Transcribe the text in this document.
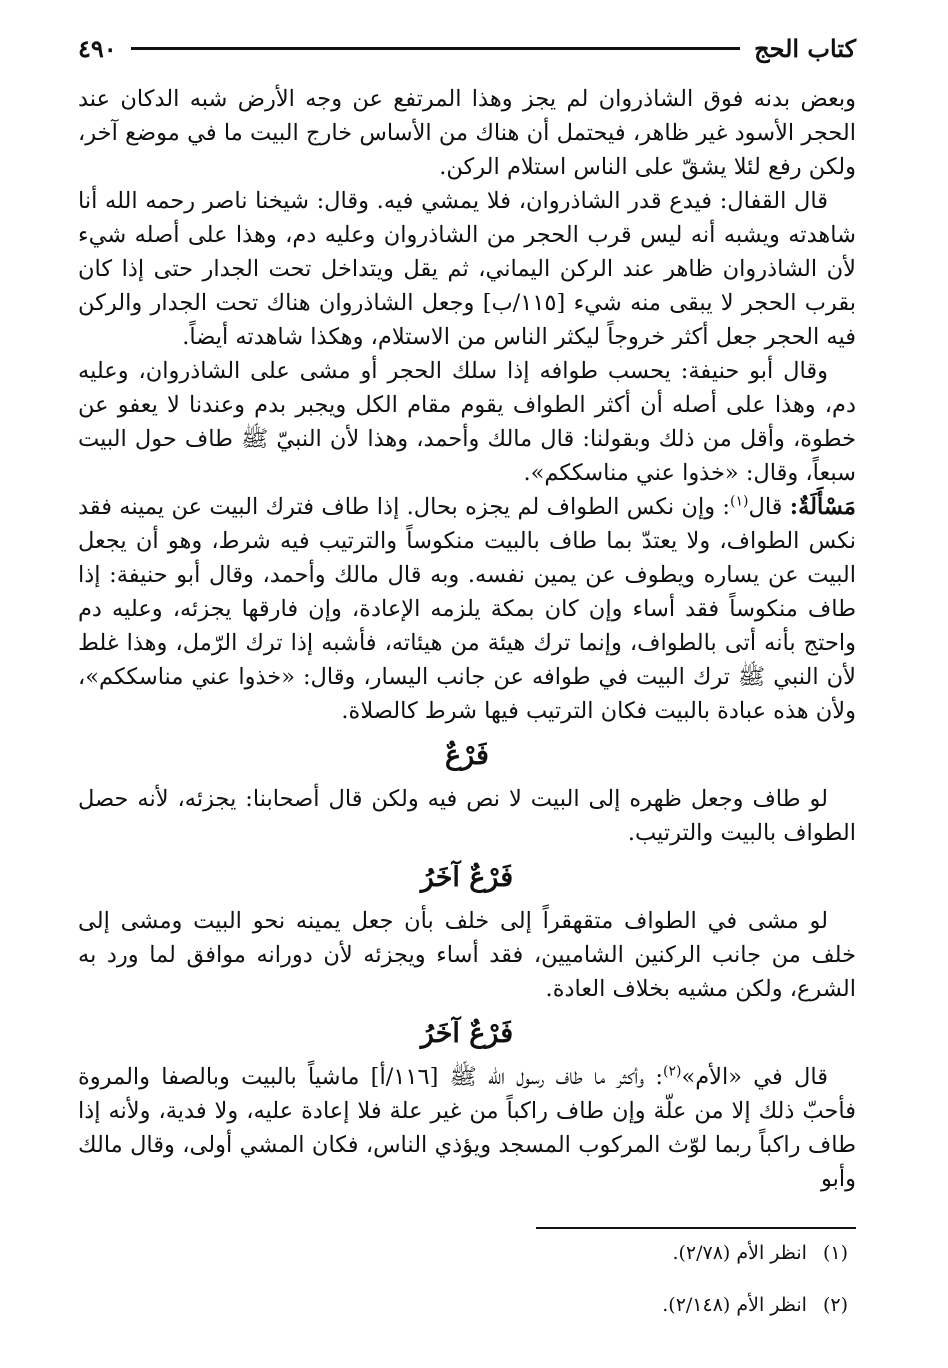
كتاب الحج
٤٩٠

وبعض بدنه فوق الشاذروان لم يجز وهذا المرتفع عن وجه الأرض شبه الدكان عند الحجر الأسود غير ظاهر، فيحتمل أن هناك من الأساس خارج البيت ما في موضع آخر، ولكن رفع لئلا يشقّ على الناس استلام الركن.

قال القفال: فيدع قدر الشاذروان، فلا يمشي فيه. وقال: شيخنا ناصر رحمه الله أنا شاهدته ويشبه أنه ليس قرب الحجر من الشاذروان وعليه دم، وهذا على أصله شيء لأن الشاذروان ظاهر عند الركن اليماني، ثم يقل ويتداخل تحت الجدار حتى إذا كان بقرب الحجر لا يبقى منه شيء [١١٥/ب] وجعل الشاذروان هناك تحت الجدار والركن فيه الحجر جعل أكثر خروجاً ليكثر الناس من الاستلام، وهكذا شاهدته أيضاً.

وقال أبو حنيفة: يحسب طوافه إذا سلك الحجر أو مشى على الشاذروان، وعليه دم، وهذا على أصله أن أكثر الطواف يقوم مقام الكل ويجبر بدم وعندنا لا يعفو عن خطوة، وأقل من ذلك وبقولنا: قال مالك وأحمد، وهذا لأن النبيّ ﷺ طاف حول البيت سبعاً، وقال: «خذوا عني مناسككم».

مَسْأَلَةٌ: قال$^{(١)}$: وإن نكس الطواف لم يجزه بحال. إذا طاف فترك البيت عن يمينه فقد نكس الطواف، ولا يعتدّ بما طاف بالبيت منكوساً والترتيب فيه شرط، وهو أن يجعل البيت عن يساره ويطوف عن يمين نفسه. وبه قال مالك وأحمد، وقال أبو حنيفة: إذا طاف منكوساً فقد أساء وإن كان بمكة يلزمه الإعادة، وإن فارقها يجزئه، وعليه دم واحتج بأنه أتى بالطواف، وإنما ترك هيئة من هيئاته، فأشبه إذا ترك الرّمل، وهذا غلط لأن النبي ﷺ ترك البيت في طوافه عن جانب اليسار، وقال: «خذوا عني مناسككم»، ولأن هذه عبادة بالبيت فكان الترتيب فيها شرط كالصلاة.

فَرْعٌ

لو طاف وجعل ظهره إلى البيت لا نص فيه ولكن قال أصحابنا: يجزئه، لأنه حصل الطواف بالبيت والترتيب.

فَرْعٌ آخَرُ

لو مشى في الطواف متقهقراً إلى خلف بأن جعل يمينه نحو البيت ومشى إلى خلف من جانب الركنين الشاميين، فقد أساء ويجزئه لأن دورانه موافق لما ورد به الشرع، ولكن مشيه بخلاف العادة.

فَرْعٌ آخَرُ

قال في «الأم»$^{(٢)}$: وأكثر ما طاف رسول الله ﷺ [١١٦/أ] ماشياً بالبيت وبالصفا والمروة فأحبّ ذلك إلا من علّة وإن طاف راكباً من غير علة فلا إعادة عليه، ولا فدية، ولأنه إذا طاف راكباً ربما لوّث المركوب المسجد ويؤذي الناس، فكان المشي أولى، وقال مالك وأبو

(١)انظر الأم (٢/٧٨).

(٢)انظر الأم (٢/١٤٨).
